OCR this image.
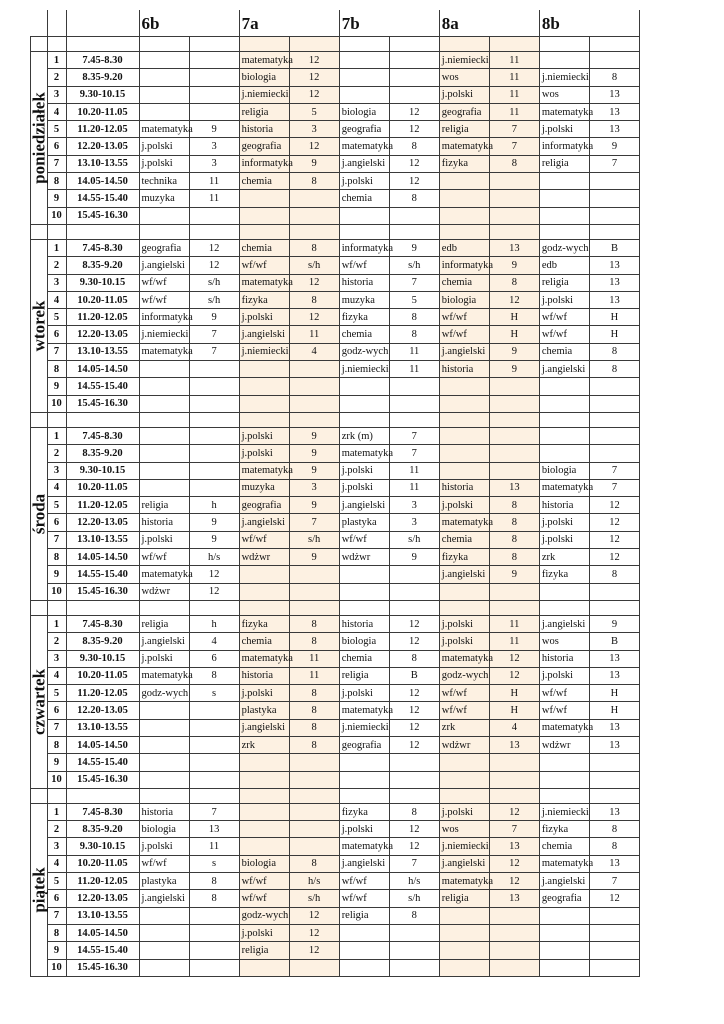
			6b		7a		7b		8a		8b	

poniedziałek	1	7.45-8.30			matematyka	12			j.niemiecki	11		
	2	8.35-9.20			biologia	12			wos	11	j.niemiecki	8
	3	9.30-10.15			j.niemiecki	12			j.polski	11	wos	13
	4	10.20-11.05			religia	5	biologia	12	geografia	11	matematyka	13
	5	11.20-12.05	matematyka	9	historia	3	geografia	12	religia	7	j.polski	13
	6	12.20-13.05	j.polski	3	geografia	12	matematyka	8	matematyka	7	informatyka	9
	7	13.10-13.55	j.polski	3	informatyka	9	j.angielski	12	fizyka	8	religia	7
	8	14.05-14.50	technika	11	chemia	8	j.polski	12				
	9	14.55-15.40	muzyka	11			chemia	8				
	10	15.45-16.30										

wtorek	1	7.45-8.30	geografia	12	chemia	8	informatyka	9	edb	13	godz-wych	B
	2	8.35-9.20	j.angielski	12	wf/wf	s/h	wf/wf	s/h	informatyka	9	edb	13
	3	9.30-10.15	wf/wf	s/h	matematyka	12	historia	7	chemia	8	religia	13
	4	10.20-11.05	wf/wf	s/h	fizyka	8	muzyka	5	biologia	12	j.polski	13
	5	11.20-12.05	informatyka	9	j.polski	12	fizyka	8	wf/wf	H	wf/wf	H
	6	12.20-13.05	j.niemiecki	7	j.angielski	11	chemia	8	wf/wf	H	wf/wf	H
	7	13.10-13.55	matematyka	7	j.niemiecki	4	godz-wych	11	j.angielski	9	chemia	8
	8	14.05-14.50					j.niemiecki	11	historia	9	j.angielski	8
	9	14.55-15.40										
	10	15.45-16.30										

środa	1	7.45-8.30			j.polski	9	zrk (m)	7				
	2	8.35-9.20			j.polski	9	matematyka	7				
	3	9.30-10.15			matematyka	9	j.polski	11			biologia	7
	4	10.20-11.05			muzyka	3	j.polski	11	historia	13	matematyka	7
	5	11.20-12.05	religia	h	geografia	9	j.angielski	3	j.polski	8	historia	12
	6	12.20-13.05	historia	9	j.angielski	7	plastyka	3	matematyka	8	j.polski	12
	7	13.10-13.55	j.polski	9	wf/wf	s/h	wf/wf	s/h	chemia	8	j.polski	12
	8	14.05-14.50	wf/wf	h/s	wdżwr	9	wdżwr	9	fizyka	8	zrk	12
	9	14.55-15.40	matematyka	12					j.angielski	9	fizyka	8
	10	15.45-16.30	wdżwr	12								

czwartek	1	7.45-8.30	religia	h	fizyka	8	historia	12	j.polski	11	j.angielski	9
	2	8.35-9.20	j.angielski	4	chemia	8	biologia	12	j.polski	11	wos	B
	3	9.30-10.15	j.polski	6	matematyka	11	chemia	8	matematyka	12	historia	13
	4	10.20-11.05	matematyka	8	historia	11	religia	B	godz-wych	12	j.polski	13
	5	11.20-12.05	godz-wych	s	j.polski	8	j.polski	12	wf/wf	H	wf/wf	H
	6	12.20-13.05			plastyka	8	matematyka	12	wf/wf	H	wf/wf	H
	7	13.10-13.55			j.angielski	8	j.niemiecki	12	zrk	4	matematyka	13
	8	14.05-14.50			zrk	8	geografia	12	wdżwr	13	wdżwr	13
	9	14.55-15.40										
	10	15.45-16.30										

piątek	1	7.45-8.30	historia	7			fizyka	8	j.polski	12	j.niemiecki	13
	2	8.35-9.20	biologia	13			j.polski	12	wos	7	fizyka	8
	3	9.30-10.15	j.polski	11			matematyka	12	j.niemiecki	13	chemia	8
	4	10.20-11.05	wf/wf	s	biologia	8	j.angielski	7	j.angielski	12	matematyka	13
	5	11.20-12.05	plastyka	8	wf/wf	h/s	wf/wf	h/s	matematyka	12	j.angielski	7
	6	12.20-13.05	j.angielski	8	wf/wf	s/h	wf/wf	s/h	religia	13	geografia	12
	7	13.10-13.55			godz-wych	12	religia	8				
	8	14.05-14.50			j.polski	12						
	9	14.55-15.40			religia	12						
	10	15.45-16.30										
